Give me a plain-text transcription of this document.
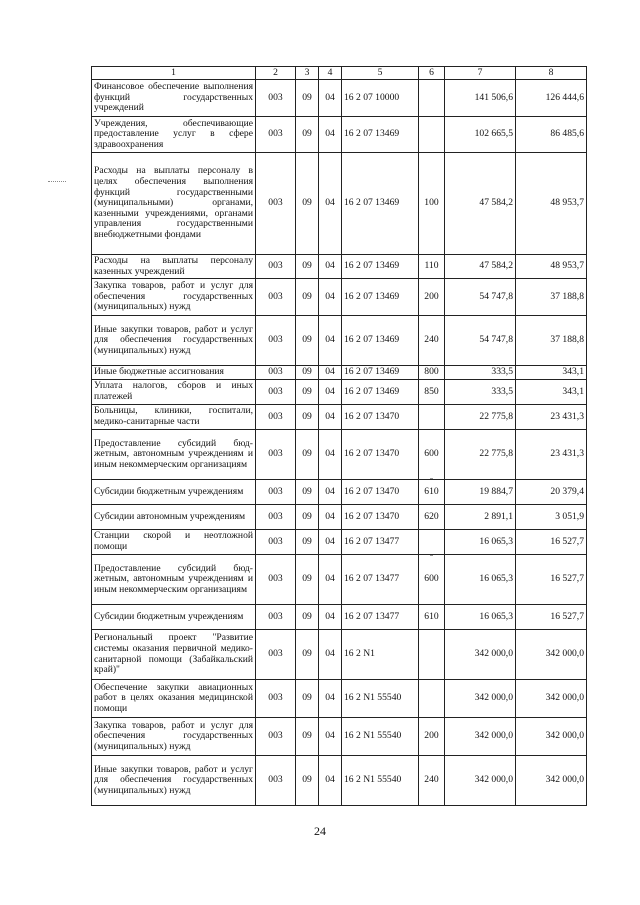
1	2	3	4	5	6	7	8
Финансовое обеспечение выполнения функций государственных учреждений	003	09	04	16 2 07 10000		141 506,6	126 444,6
Учреждения, обеспечивающие предоставление услуг в сфере здравоохранения	003	09	04	16 2 07 13469		102 665,5	86 485,6
Расходы на выплаты персоналу в целях обеспечения выполнения функций государственными (муниципальными) органами, казенными учреждениями, органами управления государственными внебюджетными фондами	003	09	04	16 2 07 13469	100	47 584,2	48 953,7
Расходы на выплаты персоналу казенных учреждений	003	09	04	16 2 07 13469	110	47 584,2	48 953,7
Закупка товаров, работ и услуг для обеспечения государственных (муниципальных) нужд	003	09	04	16 2 07 13469	200	54 747,8	37 188,8
Иные закупки товаров, работ и услуг для обеспечения государственных (муниципальных) нужд	003	09	04	16 2 07 13469	240	54 747,8	37 188,8
Иные бюджетные ассигнования	003	09	04	16 2 07 13469	800	333,5	343,1
Уплата налогов, сборов и иных платежей	003	09	04	16 2 07 13469	850	333,5	343,1
Больницы, клиники, госпитали, медико-санитарные части	003	09	04	16 2 07 13470		22 775,8	23 431,3
Предоставление субсидий бюджетным, автономным учреждениям и иным некоммерческим организациям	003	09	04	16 2 07 13470	600	22 775,8	23 431,3
Субсидии бюджетным учреждениям	003	09	04	16 2 07 13470	610	19 884,7	20 379,4
Субсидии автономным учреждениям	003	09	04	16 2 07 13470	620	2 891,1	3 051,9
Станции скорой и неотложной помощи	003	09	04	16 2 07 13477		16 065,3	16 527,7
Предоставление субсидий бюджетным, автономным учреждениям и иным некоммерческим организациям	003	09	04	16 2 07 13477	600	16 065,3	16 527,7
Субсидии бюджетным учреждениям	003	09	04	16 2 07 13477	610	16 065,3	16 527,7
Региональный проект "Развитие системы оказания первичной медико-санитарной помощи (Забайкальский край)"	003	09	04	16 2 N1		342 000,0	342 000,0
Обеспечение закупки авиационных работ в целях оказания медицинской помощи	003	09	04	16 2 N1 55540		342 000,0	342 000,0
Закупка товаров, работ и услуг для обеспечения государственных (муниципальных) нужд	003	09	04	16 2 N1 55540	200	342 000,0	342 000,0
Иные закупки товаров, работ и услуг для обеспечения государственных (муниципальных) нужд	003	09	04	16 2 N1 55540	240	342 000,0	342 000,0
24
